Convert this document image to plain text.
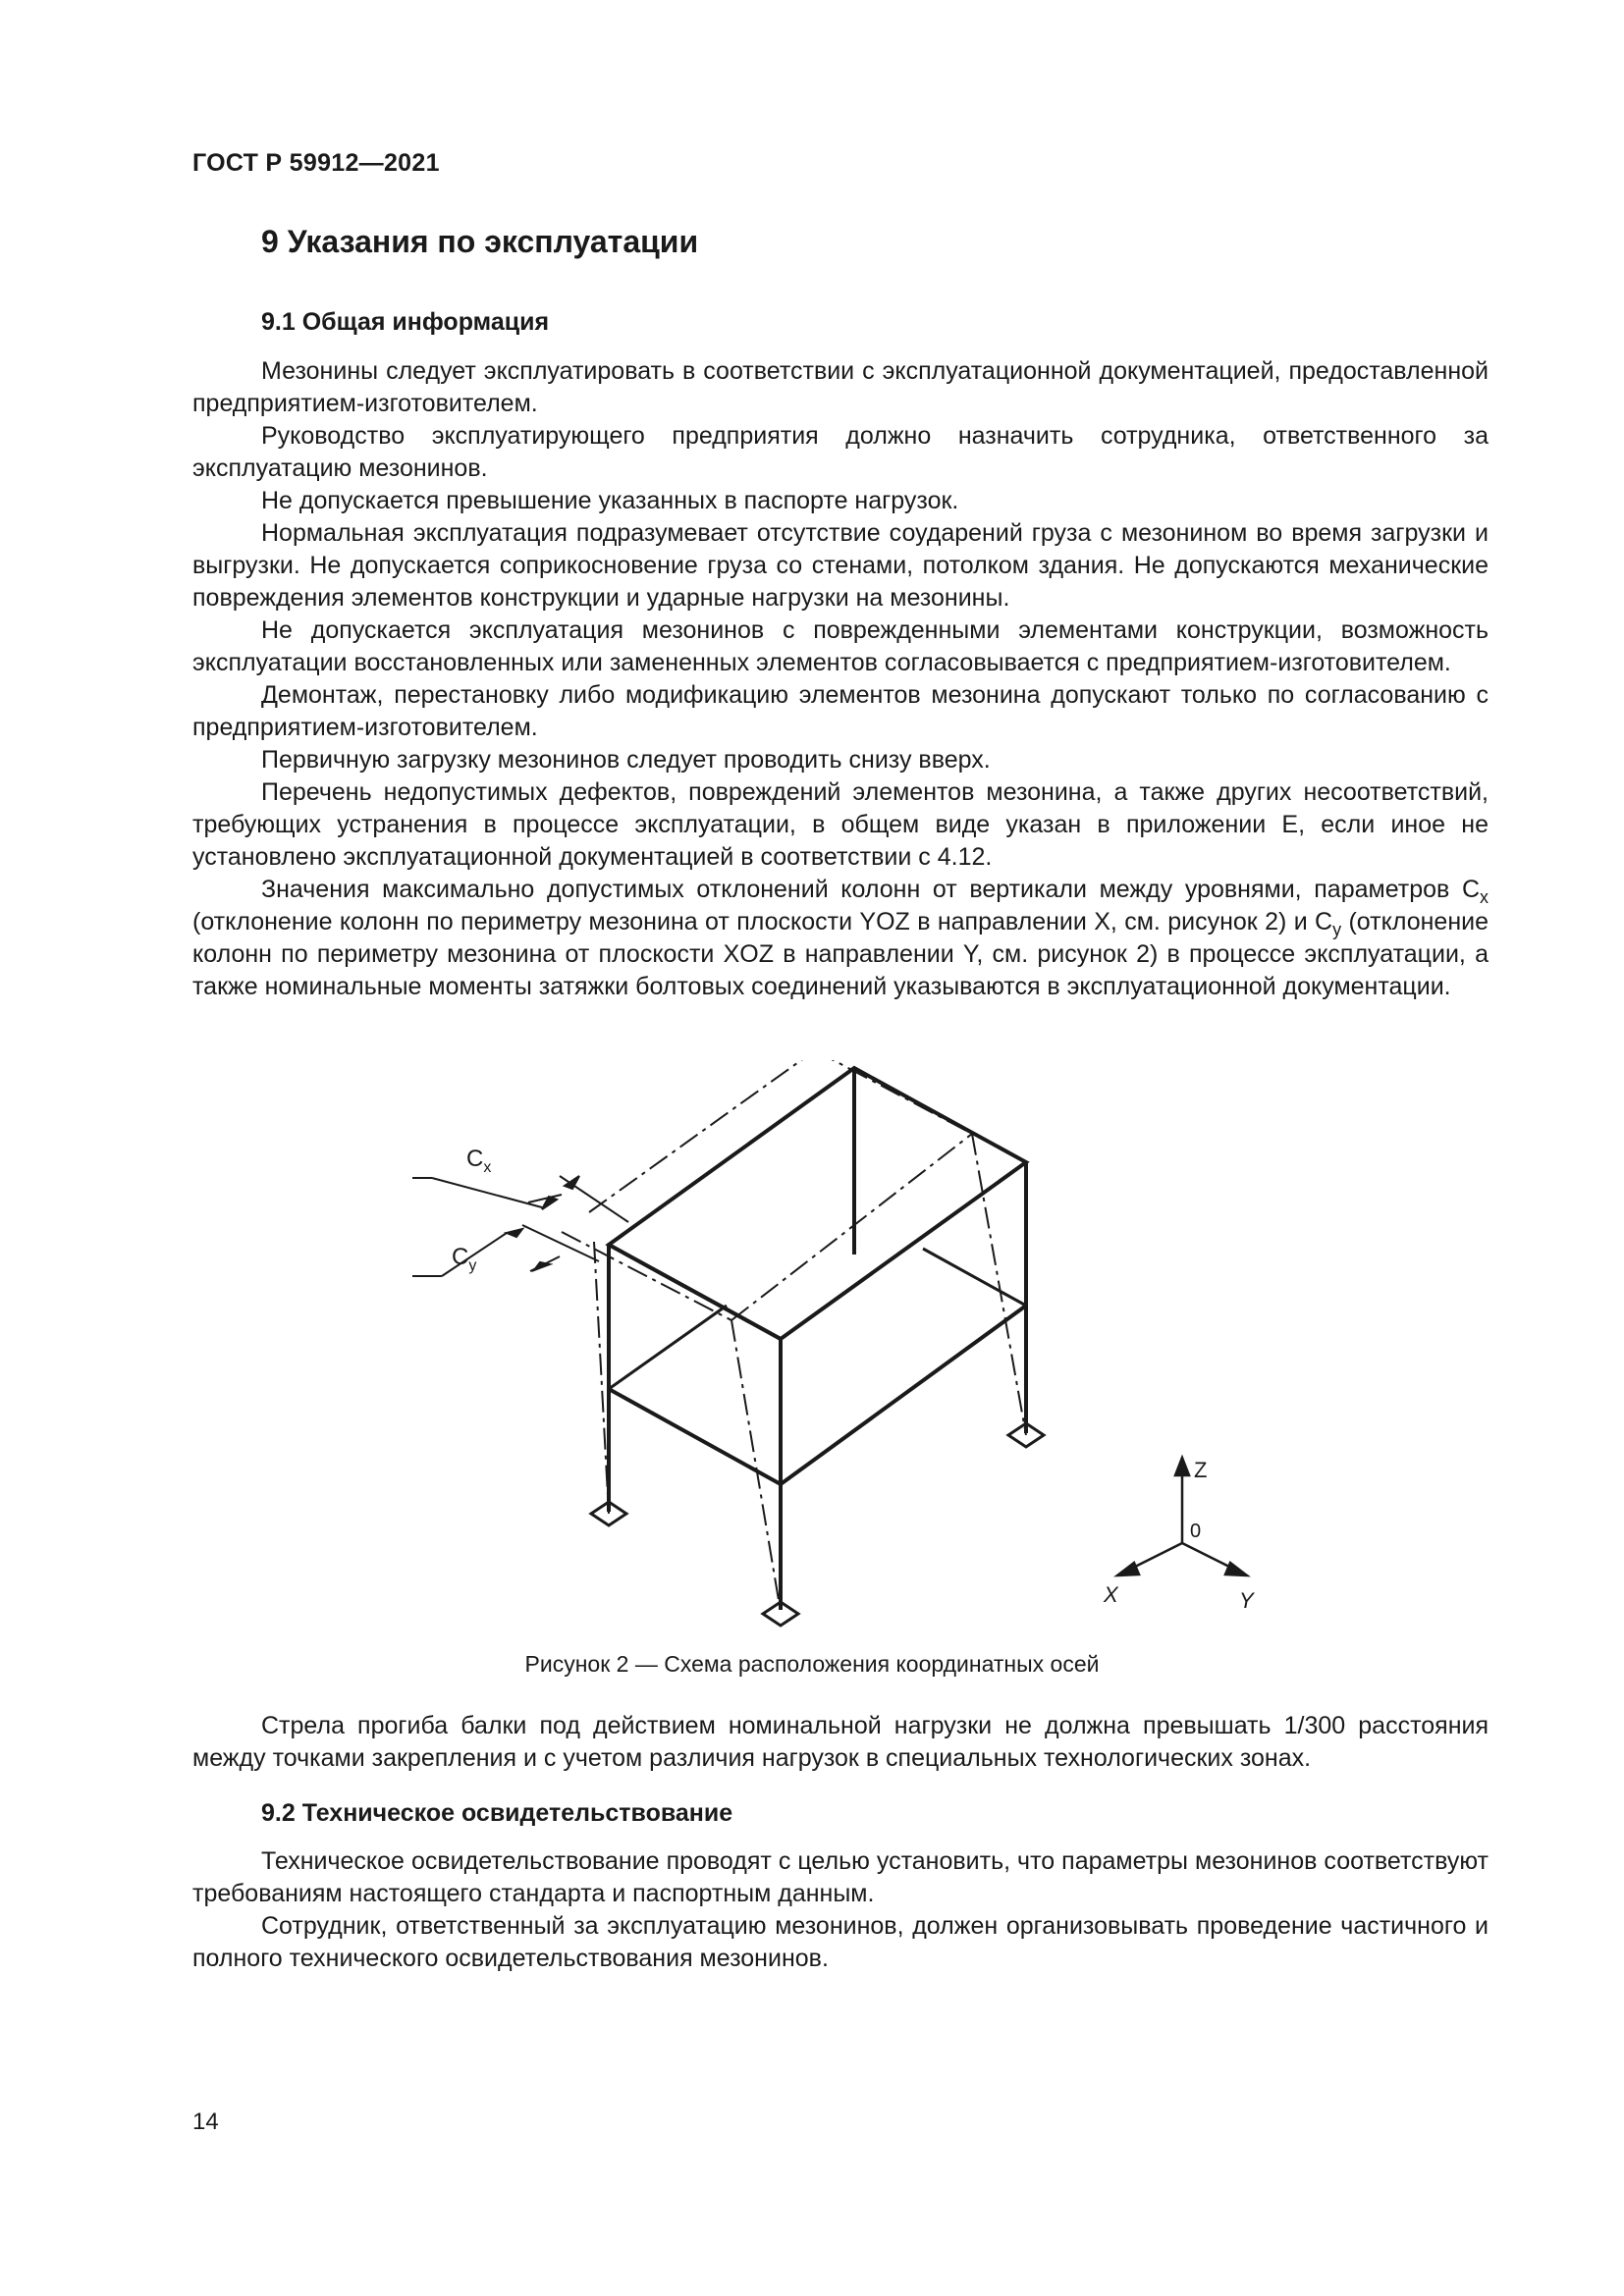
ГОСТ Р 59912—2021
9 Указания по эксплуатации
9.1 Общая информация

Мезонины следует эксплуатировать в соответствии с эксплуатационной документацией, предоставленной предприятием-изготовителем.

Руководство эксплуатирующего предприятия должно назначить сотрудника, ответственного за эксплуатацию мезонинов.

Не допускается превышение указанных в паспорте нагрузок.

Нормальная эксплуатация подразумевает отсутствие соударений груза с мезонином во время загрузки и выгрузки. Не допускается соприкосновение груза со стенами, потолком здания. Не допускаются механические повреждения элементов конструкции и ударные нагрузки на мезонины.

Не допускается эксплуатация мезонинов с поврежденными элементами конструкции, возможность эксплуатации восстановленных или замененных элементов согласовывается с предприятием-изготовителем.

Демонтаж, перестановку либо модификацию элементов мезонина допускают только по согласованию с предприятием-изготовителем.

Первичную загрузку мезонинов следует проводить снизу вверх.

Перечень недопустимых дефектов, повреждений элементов мезонина, а также других несоответствий, требующих устранения в процессе эксплуатации, в общем виде указан в приложении Е, если иное не установлено эксплуатационной документацией в соответствии с 4.12.

Значения максимально допустимых отклонений колонн от вертикали между уровнями, параметров $C_x$ (отклонение колонн по периметру мезонина от плоскости YOZ в направлении X, см. рисунок 2) и $C_y$ (отклонение колонн по периметру мезонина от плоскости XOZ в направлении Y, см. рисунок 2) в процессе эксплуатации, а также номинальные моменты затяжки болтовых соединений указываются в эксплуатационной документации.

$C_x$
$C_y$
Z
0
X	Y
Рисунок 2 — Схема расположения координатных осей

Стрела прогиба балки под действием номинальной нагрузки не должна превышать 1/300 расстояния между точками закрепления и с учетом различия нагрузок в специальных технологических зонах.

9.2 Техническое освидетельствование

Техническое освидетельствование проводят с целью установить, что параметры мезонинов соответствуют требованиям настоящего стандарта и паспортным данным.

Сотрудник, ответственный за эксплуатацию мезонинов, должен организовывать проведение частичного и полного технического освидетельствования мезонинов.

14
